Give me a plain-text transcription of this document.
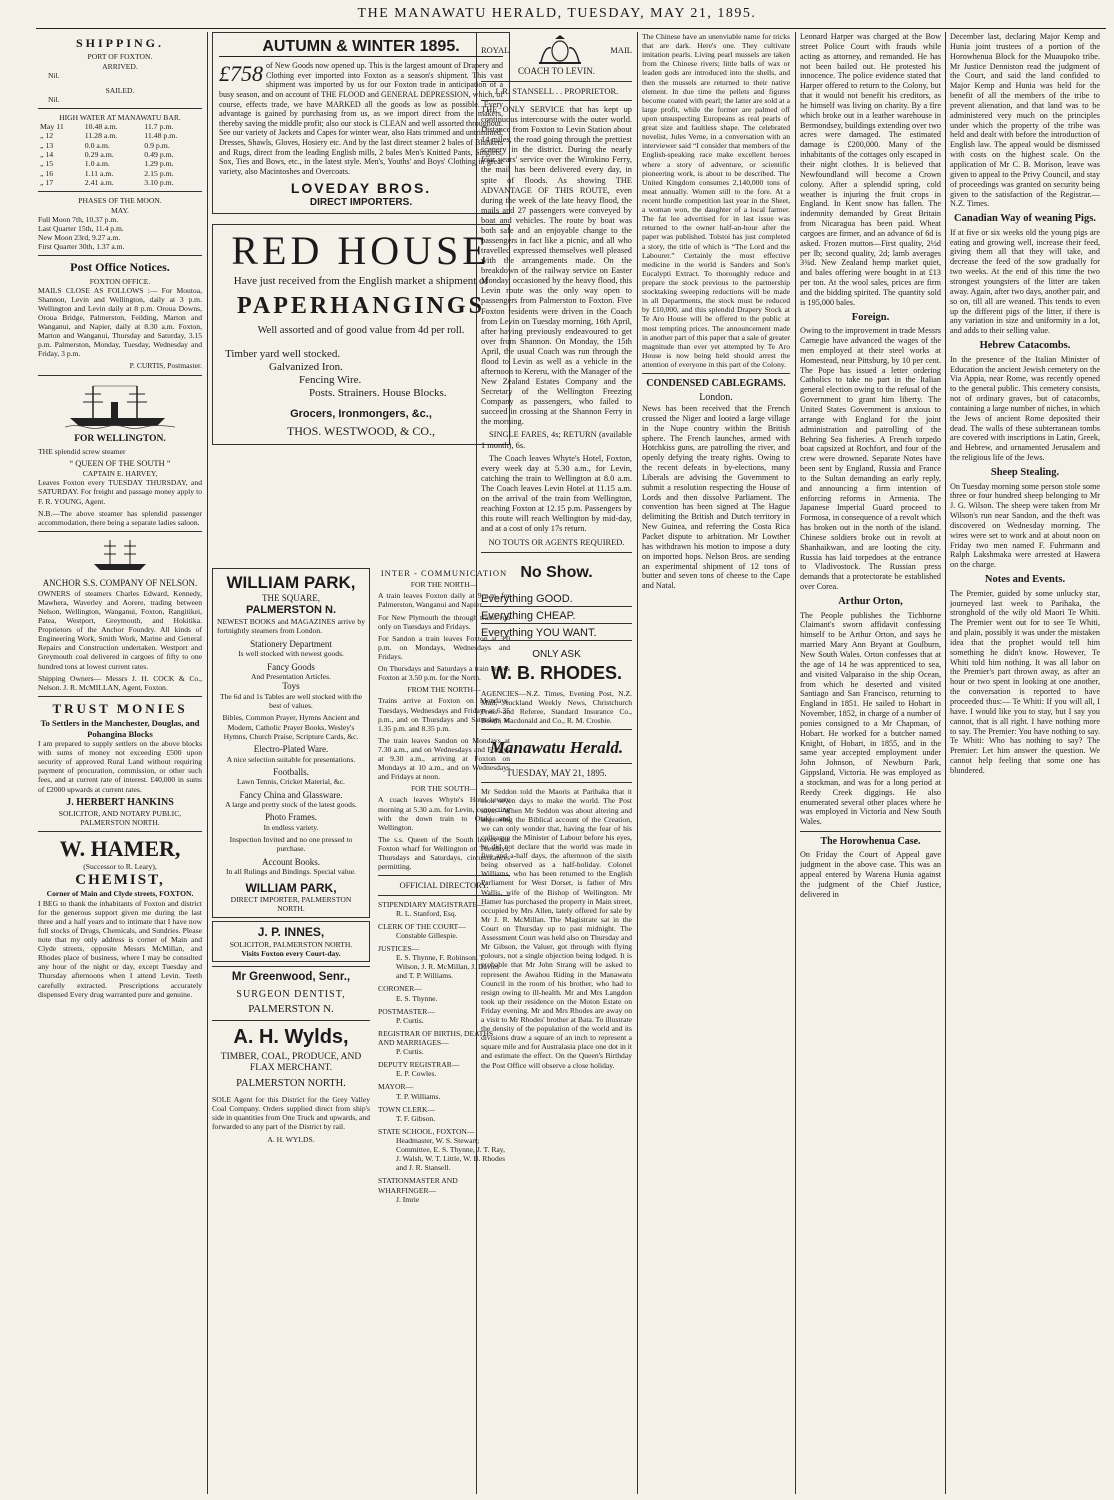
THE MANAWATU HERALD, TUESDAY, MAY 21, 1895.
SHIPPING.
PORT OF FOXTON.
ARRIVED.
Nil.
SAILED.
Nil.
HIGH WATER AT MANAWATU BAR.
May 11	10.48 a.m.	11.7 p.m.
„ 12	11.28 a.m.	11.48 p.m.
„ 13	0.0 a.m.	0.9 p.m.
„ 14	0.29 a.m.	0.49 p.m.
„ 15	1.0 a.m.	1.29 p.m.
„ 16	1.11 a.m.	2.15 p.m.
„ 17	2.41 a.m.	3.10 p.m.
PHASES OF THE MOON.
MAY.
Full Moon 7th, 10.37 p.m.
Last Quarter 15th, 11.4 p.m.
New Moon 23rd, 9.27 a.m.
First Quarter 30th, 1.37 a.m.
Post Office Notices.
FOXTON OFFICE.

MAILS CLOSE AS FOLLOWS :— For Moutoa, Shannon, Levin and Wellington, daily at 3 p.m. Wellington and Levin daily at 8 p.m. Oroua Downs, Oroua Bridge, Palmerston, Feilding, Marton and Wanganui, and Napier, daily at 8.30 a.m. Foxton, Marton and Wanganui, Thursday and Saturday, 3.15 p.m. Palmerston, Monday, Tuesday, Wednesday and Friday, 3 p.m.

P. CURTIS, Postmaster.

FOR WELLINGTON.

THE splendid screw steamer

“ QUEEN OF THE SOUTH ”
CAPTAIN E. HARVEY,

Leaves Foxton every TUESDAY THURSDAY, and SATURDAY. For freight and passage money apply to F. R. YOUNG, Agent.

N.B.—The above steamer has splendid passenger accommodation, there being a separate ladies saloon.

ANCHOR S.S. COMPANY OF NELSON.

OWNERS of steamers Charles Edward, Kennedy, Mawhera, Waverley and Aorere, trading between Nelson, Wellington, Wanganui, Foxton, Rangitikei, Patea, Westport, Greymouth, and Hokitika. Proprietors of the Anchor Foundry. All kinds of Engineering Work, Smith Work, Marine and General Repairs and Construction undertaken. Westport and Greymouth coal delivered in cargoes of fifty to one hundred tons at lowest current rates.

Shipping Owners— Messrs J. H. COCK & Co., Nelson. J. R. McMILLAN, Agent, Foxton.

TRUST MONIES
To Settlers in the Manchester, Douglas, and Pohangina Blocks

I am prepared to supply settlers on the above blocks with sums of money not exceeding £500 upon security of approved Rural Land without requiring payment of procuration, commission, or other such fees, and at current rate of interest. £40,000 in sums of £2000 upwards at current rates.

J. HERBERT HANKINS
SOLICITOR, AND NOTARY PUBLIC, PALMERSTON NORTH.
W. HAMER,
(Successor to R. Leary),
CHEMIST,
Corner of Main and Clyde streets, FOXTON.

I BEG to thank the inhabitants of Foxton and district for the generous support given me during the last three and a half years and to intimate that I have now full stocks of Drugs, Chemicals, and Sundries. Please note that my only address is corner of Main and Clyde streets, opposite Messrs McMillan, and Rhodes place of business, where I may be consulted any hour of the night or day, except Tuesday and Thursday afternoons when I attend Levin. Teeth carefully extracted. Prescriptions accurately dispensed Every drug warranted pure and genuine.

AUTUMN & WINTER 1895.

£758 of New Goods now opened up. This is the largest amount of Drapery and Clothing ever imported into Foxton as a season's shipment. This vast shipment was imported by us for our Foxton trade in anticipation of a busy season, and on account of THE FLOOD and GENERAL DEPRESSION, which, of course, effects trade, we have MARKED all the goods as low as possible. Every advantage is gained by purchasing from us, as we import direct from the makers, thereby saving the middle profit; also our stock is CLEAN and well assorted throughout. See our variety of Jackets and Capes for winter wear, also Hats trimmed and untrimmed, Dresses, Shawls, Gloves, Hosiery etc. And by the last direct steamer 2 bales of Blankets and Rugs, direct from the leading English mills, 2 bales Men's Knitted Pants, Singlets, Sox, Ties and Bows, etc., in the latest style. Men's, Youths' and Boys' Clothing in great variety, also Macintoshes and Overcoats.

LOVEDAY BROS.
DIRECT IMPORTERS.
RED HOUSE
Have just received from the English market a shipment of
PAPERHANGINGS
Well assorted and of good value from 4d per roll.
Timber yard well stocked.
Galvanized Iron.
Fencing Wire.
Posts. Strainers. House Blocks.
Grocers, Ironmongers, &c.,
THOS. WESTWOOD, & CO.,
WILLIAM PARK,
THE SQUARE,
PALMERSTON N.

NEWEST BOOKS and MAGAZINES arrive by fortnightly steamers from London.

Stationery Department
Is well stocked with newest goods.
Fancy Goods
And Presentation Articles.
Toys

The 6d and 1s Tables are well stocked with the best of values.

Bibles, Common Prayer, Hymns Ancient and Modern, Catholic Prayer Books, Wesley's Hymns, Church Praise, Scripture Cards, &c.

Electro-Plated Ware.
A nice selection suitable for presentations.
Footballs.
Lawn Tennis, Cricket Material, &c.
Fancy China and Glassware.
A large and pretty stock of the latest goods.
Photo Frames.
In endless variety.

Inspection Invited and no one pressed to purchase.

Account Books.
In all Rulings and Bindings. Special value.
WILLIAM PARK,
DIRECT IMPORTER, PALMERSTON NORTH.
J. P. INNES,
SOLICITOR, PALMERSTON NORTH.
Visits Foxton every Court-day.
Mr Greenwood, Senr.,
SURGEON DENTIST,
PALMERSTON N.
A. H. Wylds,
TIMBER, COAL, PRODUCE, AND FLAX MERCHANT.
PALMERSTON NORTH.

SOLE Agent for this District for the Grey Valley Coal Company. Orders supplied direct from ship's side in quantities from One Truck and upwards, and forwarded to any part of the District by rail.

A. H. WYLDS.
INTER - COMMUNICATION
FOR THE NORTH—

A train leaves Foxton daily at 9 a.m. for Palmerston, Wanganui and Napier.

For New Plymouth the through trains run only on Tuesdays and Fridays.

For Sandon a train leaves Foxton at 3.0 p.m. on Mondays, Wednesdays and Fridays.

On Thursdays and Saturdays a train leaves Foxton at 3.50 p.m. for the North.

FROM THE NORTH—

Trains arrive at Foxton on Mondays, Tuesdays, Wednesdays and Fridays at 6.35 p.m., and on Thursdays and Saturdays at 1.35 p.m. and 8.35 p.m.

The train leaves Sandon on Mondays at 7.30 a.m., and on Wednesdays and Fridays at 9.30 a.m., arriving at Foxton on Mondays at 10 a.m., and on Wednesdays and Fridays at noon.

FOR THE SOUTH—

A coach leaves Whyte's Hotel every morning at 5.30 a.m. for Levin, connecting with the down train to Otaki and Wellington.

The s.s. Queen of the South leaves the Foxton wharf for Wellington on Tuesdays, Thursdays and Saturdays, circumstances permitting.

OFFICIAL DIRECTORY.
STIPENDIARY MAGISTRATE—
R. L. Stanford, Esq.
CLERK OF THE COURT—
Constable Gillespie.
JUSTICES—
E. S. Thynne, F. Robinson, T. Wilson, J. R. McMillan, J. Davies and T. P. Williams.
CORONER—
E. S. Thynne.
POSTMASTER—
P. Curtis.
REGISTRAR OF BIRTHS, DEATHS AND MARRIAGES—
P. Curtis.
DEPUTY REGISTRAR—
E. P. Cowles.
MAYOR—
T. P. Williams.
TOWN CLERK—
T. F. Gibson.
STATE SCHOOL, FOXTON—
Headmaster, W. S. Stewart; Committee, E. S. Thynne, J. T. Ray, J. Walsh, W. T. Little, W. B. Rhodes and J. R. Stansell.
STATIONMASTER AND WHARFINGER—
J. Imrie
ROYAL	MAIL
COACH TO LEVIN.
J. R. STANSELL . . PROPRIETOR.

THE ONLY SERVICE that has kept up continuous intercourse with the outer world. Distance from Foxton to Levin Station about 14 miles, the road going through the prettiest scenery in the district. During the nearly four years' service over the Wirokino Ferry, the mail has been delivered every day, in spite of floods. As showing THE ADVANTAGE OF THIS ROUTE, even during the week of the late heavy flood, the mails and 27 passengers were conveyed by boat and vehicles. The route by boat was both safe and an enjoyable change to the passengers in fact like a picnic, and all who travelled expressed themselves well pleased with the arrangements made. On the breakdown of the railway service on Easter Monday, occasioned by the heavy flood, this Levin route was the only way open to passengers from Palmerston to Foxton. Five Foxton residents were driven in the Coach from Levin on Tuesday morning, 16th April, after having previously endeavoured to get over from Shannon. On Monday, the 15th April, the usual Coach was run through the flood to Levin as well as a vehicle in the afternoon to Kereru, with the Manager of the New Zealand Estates Company and the Secretary of the Wellington Freezing Company as passengers, who failed to succeed in crossing at the Shannon Ferry in the morning.

SINGLE FARES, 4s; RETURN (available 1 month), 6s.

The Coach leaves Whyte's Hotel, Foxton, every week day at 5.30 a.m., for Levin, catching the train to Wellington at 8.0 a.m. The Coach leaves Levin Hotel at 11.15 a.m. on the arrival of the train from Wellington, reaching Foxton at 12.15 p.m. Passengers by this route will reach Wellington by mid-day, and at a cost of only 17s return.

NO TOUTS OR AGENTS REQUIRED.
No Show.
Everything GOOD.
Everything CHEAP.
Everything YOU WANT.
ONLY ASK
W. B. RHODES.

AGENCIES—N.Z. Times, Evening Post, N.Z. Mail, Auckland Weekly News, Christchurch Press and Referee, Standard Insurance Co., Booth, Macdonald and Co., R. M. Crosbie.

Manawatu Herald.
TUESDAY, MAY 21, 1895.

Mr Seddon told the Maoris at Parihaka that it took seven days to make the world. The Post says:—When Mr Seddon was about altering and improving the Biblical account of the Creation, we can only wonder that, having the fear of his colleague the Minister of Labour before his eyes, he did not declare that the world was made in five and a-half days, the afternoon of the sixth being observed as a half-holiday. Colonel Williams, who has been returned to the English Parliament for West Dorset, is father of Mrs Wallis, wife of the Bishop of Wellington. Mr Hamer has purchased the property in Main street, occupied by Mrs Allen, lately offered for sale by Mr J. R. McMillan. The Magistrate sat in the Court on Thursday up to past midnight. The Assessment Court was held also on Thursday and Mr Gibson, the Valuer, got through with flying colours, not a single objection being lodged. It is probable that Mr John Strang will be asked to represent the Awahou Riding in the Manawatu Council in the room of his brother, who had to resign owing to ill-health. Mr and Mrs Langdon took up their residence on the Moton Estate on Friday evening. Mr and Mrs Rhodes are away on a visit to Mr Rhodes' brother at Bata. To illustrate the density of the population of the world and its divisions draw a square of an inch to represent a square mile and for Australasia place one dot in it and estimate the effect. On the Queen's Birthday the Post Office will observe a close holiday.

The Chinese have an unenviable name for tricks that are dark. Here's one. They cultivate imitation pearls. Living pearl mussels are taken from the Chinese rivers; little balls of wax or leaden gods are introduced into the shells, and then the mussels are returned to their native element. In due time the pellets and figures become coated with pearl; the latter are sold at a large profit, while the former are palmed off upon unsuspecting Europeans as real pearls of great size and faultless shape. The celebrated novelist, Jules Verne, in a conversation with an interviewer said “I consider that members of the English-speaking race make excellent heroes where a story of adventure, or scientific pioneering work, is about to be described. The United Kingdom consumes 2,140,000 tons of meat annually. Women still to the fore. At a recent hurdle competition last year in the Sheet, a woman won, the daughter of a local farmer. The fat lee advertised for in last issue was returned to the owner half-an-hour after the paper was published. Tolstoi has just completed a story, the title of which is “The Lord and the Labourer.” Certainly the most effective medicine in the world is Sanders and Son's Eucalypti Extract. To thoroughly reduce and prepare the stock previous to the partnership stocktaking sweeping reductions will be made in all Departments, the stock must be reduced by £10,000, and this splendid Drapery Stock at Te Aro House will be offered to the public at most tempting prices. The announcement made in another part of this paper that a sale of greater magnitude than ever yet attempted by Te Aro House is now being held should arrest the attention of everyone in this part of the Colony.

CONDENSED CABLEGRAMS.
London.

News has been received that the French crossed the Niger and looted a large village in the Nupe country within the British sphere. The French launches, armed with Hotchkiss guns, are patrolling the river, and openly defying the treaty rights. Owing to the recent defeats in by-elections, many Liberals are advising the Government to submit a resolution respecting the House of Lords and then dissolve Parliament. The convention has been signed at The Hague delimiting the British and Dutch territory in New Guinea, and referring the Costa Rica Packet dispute to arbitration. Mr Lowther has withdrawn his motion to impose a duty on imported hops. Nelson Bros. are sending an experimental shipment of 12 tons of butter and seven tons of cheese to the Cape and Natal.

Leonard Harper was charged at the Bow street Police Court with frauds while acting as attorney, and remanded. He has not been bailed out. He protested his innocence. The police evidence stated that Harper offered to return to the Colony, but that it would not benefit his creditors, as he himself was living on charity. By a fire which broke out in a leather warehouse in Bermondsey, buildings extending over two acres were damaged. The estimated damage is £200,000. Many of the inhabitants of the cottages only escaped in their night clothes. It is believed that Newfoundland will become a Crown colony. After a splendid spring, cold weather is injuring the fruit crops in England. In Kent snow has fallen. The indemnity demanded by Great Britain from Nicaragua has been paid. Wheat cargoes are firmer, and an advance of 6d is asked. Frozen mutton—First quality, 2½d per lb; second quality, 2d; lamb averages 3¾d. New Zealand hemp market quiet, and bales offering were bought in at £13 per ton. At the wool sales, prices are firm and the bidding spirited. The quantity sold is 195,000 bales.

Foreign.

Owing to the improvement in trade Messrs Carnegie have advanced the wages of the men employed at their steel works at Homestead, near Pittsburg, by 10 per cent. The Pope has issued a letter ordering Catholics to take no part in the Italian general election owing to the refusal of the Government to grant him liberty. The United States Government is anxious to arrange with England for the joint administration and patrolling of the Behring Sea fisheries. A French torpedo boat capsized at Rochfort, and four of the crew were drowned. Separate Notes have been sent by England, Russia and France to the Sultan demanding an early reply, and announcing a firm intention of enforcing reforms in Armenia. The Japanese Imperial Guard proceed to Formosa, in consequence of a revolt which has broken out in the north of the island. Chinese soldiers broke out in revolt at Shanhaikwan, and are looting the city. Russia has laid torpedoes at the entrance to Vladivostock. The Russian press demands that a protectorate be established over Corea.

Arthur Orton,

The People publishes the Tichborne Claimant's sworn affidavit confessing himself to be Arthur Orton, and says he married Mary Ann Bryant at Goulburn, New South Wales. Orton confesses that at the age of 14 he was apprenticed to sea, and visited Valparaiso in the ship Ocean, from which he deserted and visited Santiago and San Francisco, returning to England in 1851. He sailed to Hobart in November, 1852, in charge of a number of ponies consigned to a Mr Chapman, of Hobart. He worked for a butcher named Knight, of Hobart, in 1855, and in the same year accepted employment under John Johnson, of Newburn Park, Gippsland, Victoria. He was employed as a stockman, and was for a long period at Reedy Creek diggings. He also enumerated several other places where he was employed in Victoria and New South Wales.

The Horowhenua Case.

On Friday the Court of Appeal gave judgment in the above case. This was an appeal entered by Warena Hunia against the judgment of the Chief Justice, delivered in

December last, declaring Major Kemp and Hunia joint trustees of a portion of the Horowhenua Block for the Muaupoko tribe. Mr Justice Denniston read the judgment of the Court, and said the land confided to Major Kemp and Hunia was held for the benefit of all the members of the tribe to prevent alienation, and that land was to be administered very much on the principles under which the property of the tribe was held and dealt with before the introduction of English law. The appeal would be dismissed with costs on the highest scale. On the application of Mr C. B. Morison, leave was given to appeal to the Privy Council, and stay of proceedings was granted on security being given to the satisfaction of the Registrar.—N.Z. Times.

Canadian Way of weaning Pigs.

If at five or six weeks old the young pigs are eating and growing well, increase their feed, giving them all that they will take, and decrease the feed of the sow gradually for two weeks. At the end of this time the two strongest youngsters of the litter are taken away. Again, after two days, another pair, and so on, till all are weaned. This tends to even up the different pigs of the litter, if there is any variation in size and uniformity in a lot, and adds to their selling value.

Hebrew Catacombs.

In the presence of the Italian Minister of Education the ancient Jewish cemetery on the Via Appia, near Rome, was recently opened to the general public. This cemetery consists, not of ordinary graves, but of catacombs, containing a large number of niches, in which the Jews of ancient Rome deposited their dead. The walls of these subterranean tombs are covered with inscriptions in Latin, Greek, and Hebrew, and ornamented Jerusalem and the religious life of the Jews.

Sheep Stealing.

On Tuesday morning some person stole some three or four hundred sheep belonging to Mr J. G. Wilson. The sheep were taken from Mr Wilson's run near Sandon, and the theft was discovered on Wednesday morning. The wires were set to work and at about noon on Friday two men named F. Fuhrmann and Ralph Lakshmaka were arrested at Hawera on the charge.

Notes and Events.

The Premier, guided by some unlucky star, journeyed last week to Parihaka, the stronghold of the wily old Maori Te Whiti. The Premier went out for to see Te Whiti, and plain, possibly it was under the mistaken idea that the prophet would tell him something he didn't know. However, Te Whiti told him nothing. It was all labor on the Premier's part thrown away, as after an hour or two spent in looking at one another, the conversation is reported to have proceeded thus:— Te Whiti: If you will all, I have. I would like you to stay, but I say you cannot, that is all right. I have nothing more to say. The Premier: You have nothing to say. Te Whiti: Who has nothing to say? The Premier: Let him answer the question. We cannot help feeling that some one has blundered.
